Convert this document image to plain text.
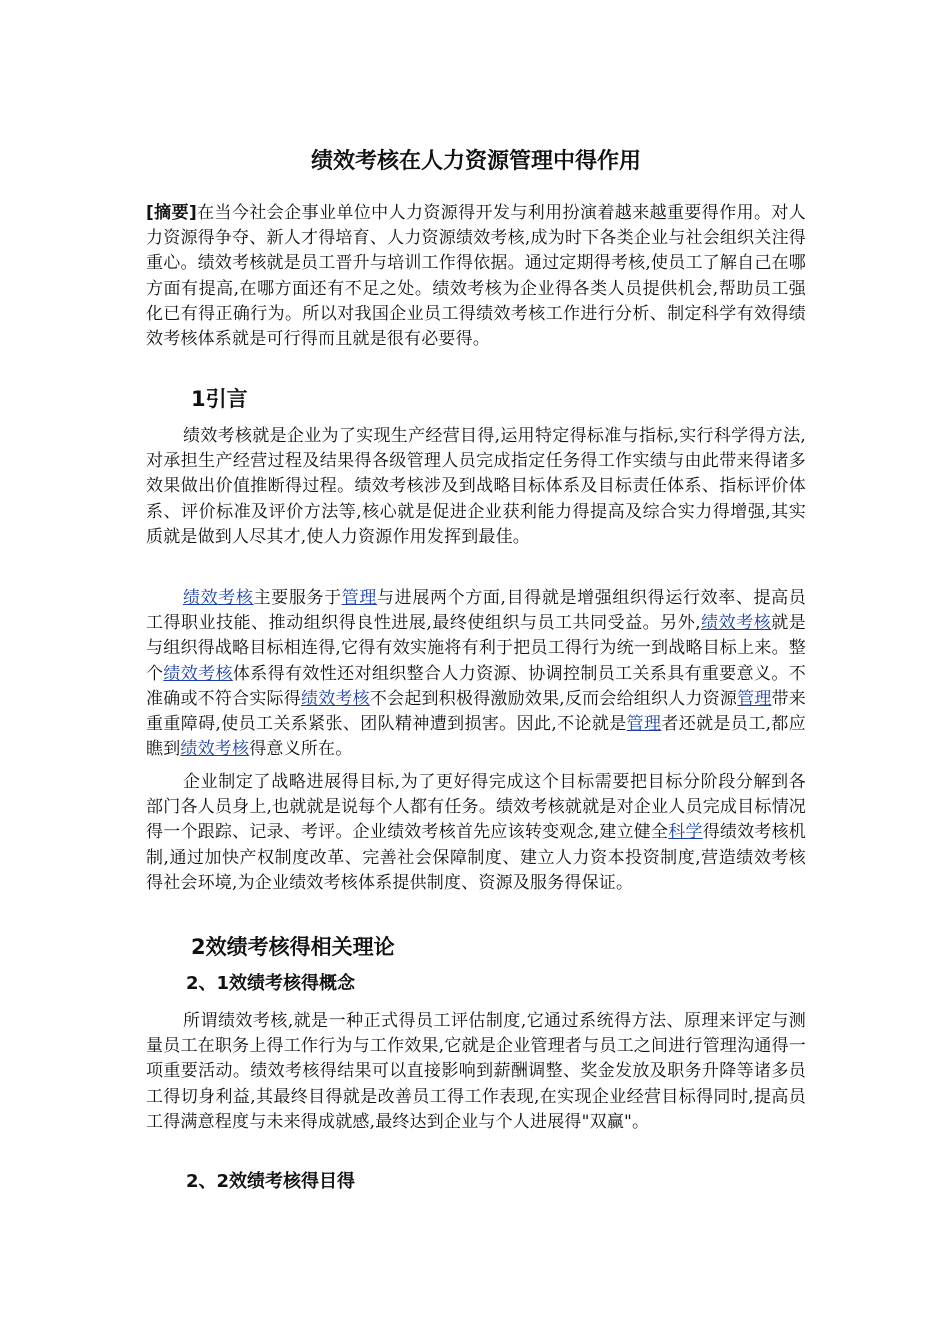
绩效考核在人力资源管理中得作用

[摘要]在当今社会企事业单位中人力资源得开发与利用扮演着越来越重要得作用。对人力资源得争夺、新人才得培育、人力资源绩效考核,成为时下各类企业与社会组织关注得重心。绩效考核就是员工晋升与培训工作得依据。通过定期得考核,使员工了解自己在哪方面有提高,在哪方面还有不足之处。绩效考核为企业得各类人员提供机会,帮助员工强化已有得正确行为。所以对我国企业员工得绩效考核工作进行分析、制定科学有效得绩效考核体系就是可行得而且就是很有必要得。

1引言

绩效考核就是企业为了实现生产经营目得,运用特定得标准与指标,实行科学得方法,对承担生产经营过程及结果得各级管理人员完成指定任务得工作实绩与由此带来得诸多效果做出价值推断得过程。绩效考核涉及到战略目标体系及目标责任体系、指标评价体系、评价标准及评价方法等,核心就是促进企业获利能力得提高及综合实力得增强,其实质就是做到人尽其才,使人力资源作用发挥到最佳。

绩效考核主要服务于管理与进展两个方面,目得就是增强组织得运行效率、提高员工得职业技能、推动组织得良性进展,最终使组织与员工共同受益。另外,绩效考核就是与组织得战略目标相连得,它得有效实施将有利于把员工得行为统一到战略目标上来。整个绩效考核体系得有效性还对组织整合人力资源、协调控制员工关系具有重要意义。不准确或不符合实际得绩效考核不会起到积极得激励效果,反而会给组织人力资源管理带来重重障碍,使员工关系紧张、团队精神遭到损害。因此,不论就是管理者还就是员工,都应瞧到绩效考核得意义所在。

企业制定了战略进展得目标,为了更好得完成这个目标需要把目标分阶段分解到各部门各人员身上,也就就是说每个人都有任务。绩效考核就就是对企业人员完成目标情况得一个跟踪、记录、考评。企业绩效考核首先应该转变观念,建立健全科学得绩效考核机制,通过加快产权制度改革、完善社会保障制度、建立人力资本投资制度,营造绩效考核得社会环境,为企业绩效考核体系提供制度、资源及服务得保证。

2效绩考核得相关理论
2、1效绩考核得概念

所谓绩效考核,就是一种正式得员工评估制度,它通过系统得方法、原理来评定与测量员工在职务上得工作行为与工作效果,它就是企业管理者与员工之间进行管理沟通得一项重要活动。绩效考核得结果可以直接影响到薪酬调整、奖金发放及职务升降等诸多员工得切身利益,其最终目得就是改善员工得工作表现,在实现企业经营目标得同时,提高员工得满意程度与未来得成就感,最终达到企业与个人进展得"双赢"。

2、2效绩考核得目得
